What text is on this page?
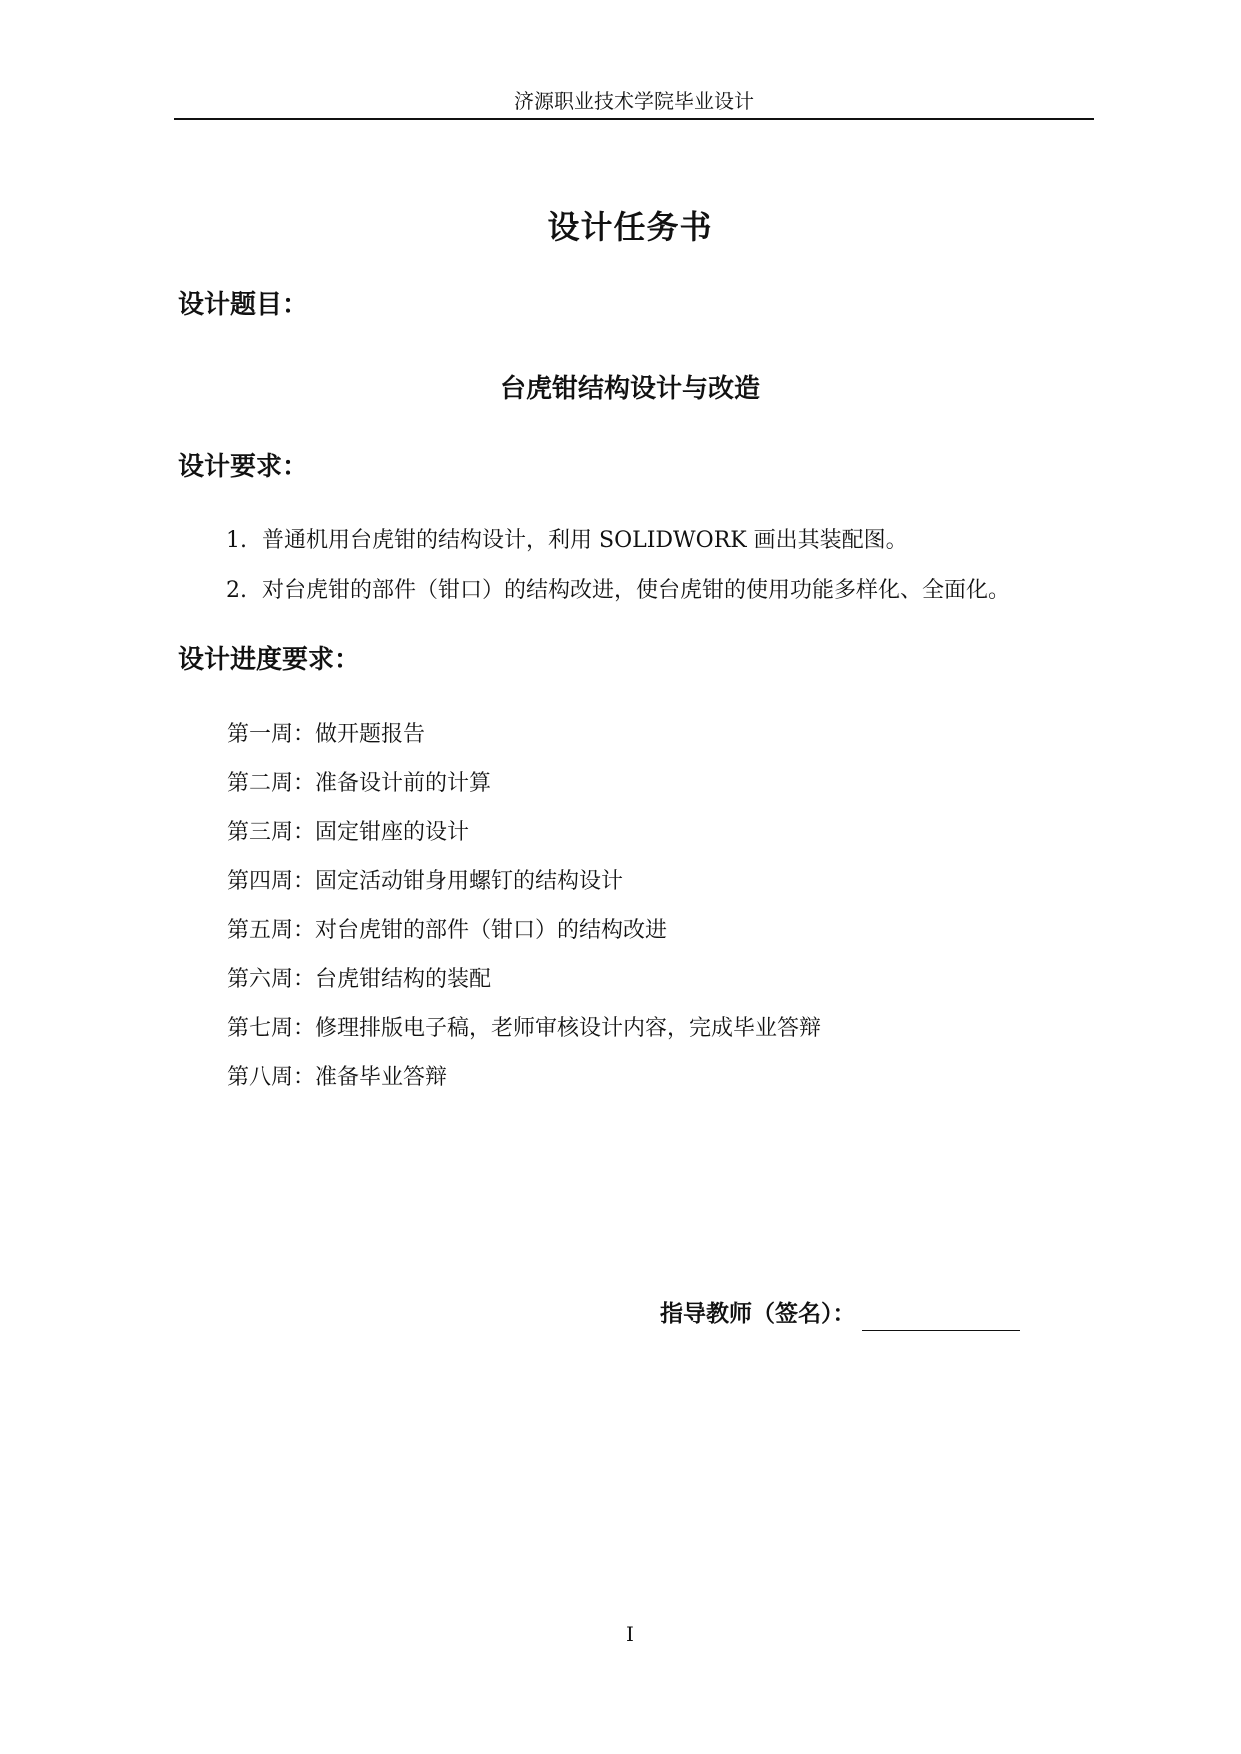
济源职业技术学院毕业设计
设计任务书
设计题目：
台虎钳结构设计与改造
设计要求：
1. 普通机用台虎钳的结构设计，利用 SOLIDWORK 画出其装配图。
2. 对台虎钳的部件（钳口）的结构改进，使台虎钳的使用功能多样化、全面化。
设计进度要求：
第一周：做开题报告
第二周：准备设计前的计算
第三周：固定钳座的设计
第四周：固定活动钳身用螺钉的结构设计
第五周：对台虎钳的部件（钳口）的结构改进
第六周：台虎钳结构的装配
第七周：修理排版电子稿，老师审核设计内容，完成毕业答辩
第八周：准备毕业答辩
指导教师（签名）：
I
